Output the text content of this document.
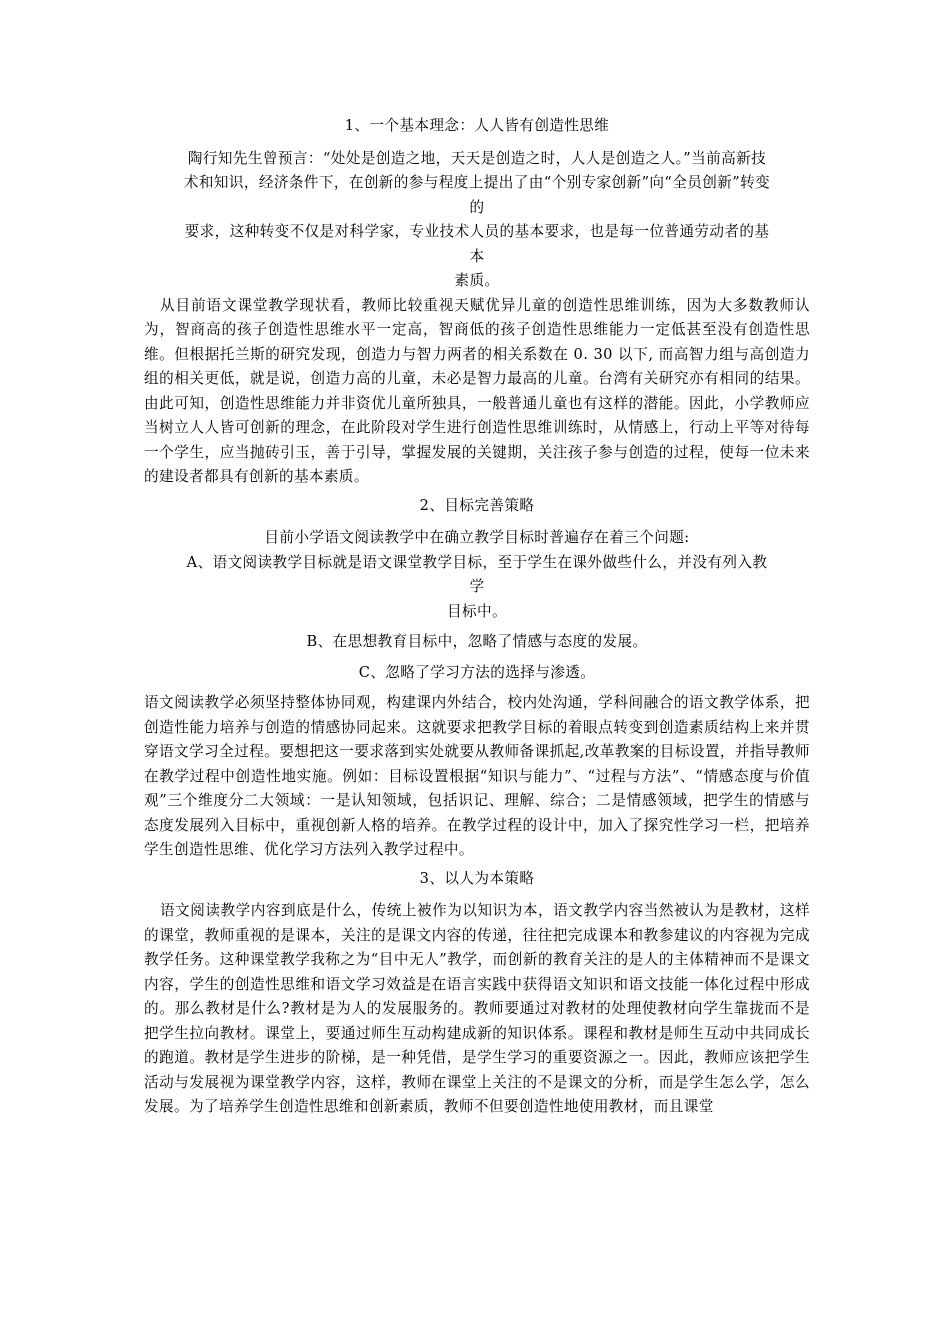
1、一个基本理念：人人皆有创造性思维
陶行知先生曾预言：“处处是创造之地，天天是创造之时，人人是创造之人。”当前高新技
术和知识，经济条件下，在创新的参与程度上提出了由“个别专家创新”向“全员创新”转变
的
要求，这种转变不仅是对科学家，专业技术人员的基本要求，也是每一位普通劳动者的基
本
素质。
从目前语文课堂教学现状看，教师比较重视天赋优异儿童的创造性思维训练，因为大多数教师认为，智商高的孩子创造性思维水平一定高，智商低的孩子创造性思维能力一定低甚至没有创造性思维。但根据托兰斯的研究发现，创造力与智力两者的相关系数在 0. 30 以下, 而高智力组与高创造力组的相关更低，就是说，创造力高的儿童，未必是智力最高的儿童。台湾有关研究亦有相同的结果。由此可知，创造性思维能力并非资优儿童所独具，一般普通儿童也有这样的潜能。因此，小学教师应当树立人人皆可创新的理念，在此阶段对学生进行创造性思维训练时，从情感上，行动上平等对待每一个学生，应当抛砖引玉，善于引导，掌握发展的关键期，关注孩子参与创造的过程，使每一位未来的建设者都具有创新的基本素质。
2、目标完善策略
目前小学语文阅读教学中在确立教学目标时普遍存在着三个问题:
A、语文阅读教学目标就是语文课堂教学目标，至于学生在课外做些什么，并没有列入教
学
目标中。
B、在思想教育目标中，忽略了情感与态度的发展。
C、忽略了学习方法的选择与渗透。
语文阅读教学必须坚持整体协同观，构建课内外结合，校内处沟通，学科间融合的语文教学体系，把创造性能力培养与创造的情感协同起来。这就要求把教学目标的着眼点转变到创造素质结构上来并贯穿语文学习全过程。要想把这一要求落到实处就要从教师备课抓起,改革教案的目标设置，并指导教师在教学过程中创造性地实施。例如：目标设置根据“知识与能力”、“过程与方法”、“情感态度与价值观”三个维度分二大领域：一是认知领域，包括识记、理解、综合；二是情感领域，把学生的情感与态度发展列入目标中，重视创新人格的培养。在教学过程的设计中，加入了探究性学习一栏，把培养学生创造性思维、优化学习方法列入教学过程中。
3、以人为本策略
语文阅读教学内容到底是什么，传统上被作为以知识为本，语文教学内容当然被认为是教材，这样的课堂，教师重视的是课本，关注的是课文内容的传递，往往把完成课本和教参建议的内容视为完成教学任务。这种课堂教学我称之为“目中无人”教学，而创新的教育关注的是人的主体精神而不是课文内容，学生的创造性思维和语文学习效益是在语言实践中获得语文知识和语文技能一体化过程中形成的。那么教材是什么?教材是为人的发展服务的。教师要通过对教材的处理使教材向学生靠拢而不是把学生拉向教材。课堂上，要通过师生互动构建成新的知识体系。课程和教材是师生互动中共同成长的跑道。教材是学生进步的阶梯，是一种凭借，是学生学习的重要资源之一。因此，教师应该把学生活动与发展视为课堂教学内容，这样，教师在课堂上关注的不是课文的分析，而是学生怎么学，怎么发展。为了培养学生创造性思维和创新素质，教师不但要创造性地使用教材，而且课堂
